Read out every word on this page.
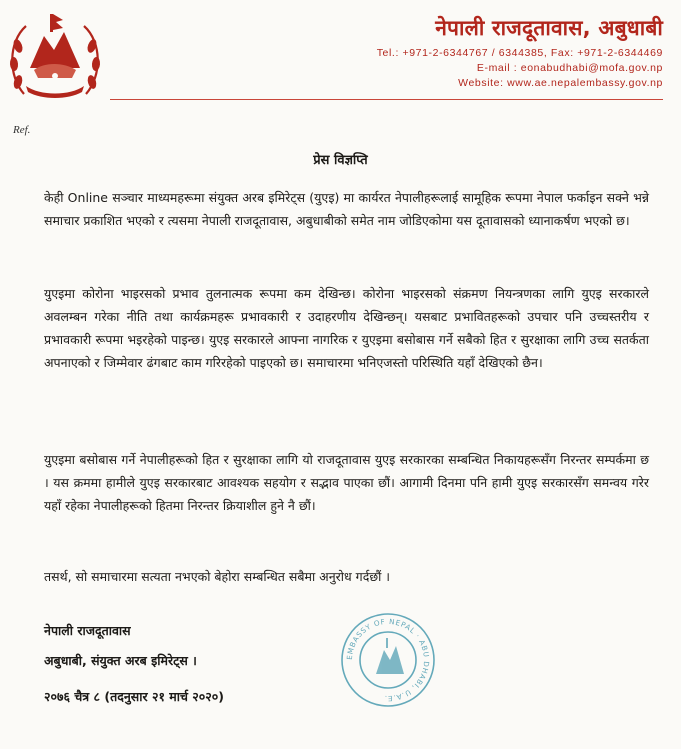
नेपाली राजदूतावास, अबुधाबी
Tel.: +971-2-6344767 / 6344385, Fax: +971-2-6344469
E-mail : eonabudhabi@mofa.gov.np
Website: www.ae.nepalembassy.gov.np
Ref.
प्रेस विज्ञप्ति
केही Online सञ्चार माध्यमहरूमा संयुक्त अरब इमिरेट्स (युएइ) मा कार्यरत नेपालीहरूलाई सामूहिक रूपमा नेपाल फर्काइन सक्ने भन्ने समाचार प्रकाशित भएको र त्यसमा नेपाली राजदूतावास, अबुधाबीको समेत नाम जोडिएकोमा यस दूतावासको ध्यानाकर्षण भएको छ।
युएइमा कोरोना भाइरसको प्रभाव तुलनात्मक रूपमा कम देखिन्छ। कोरोना भाइरसको संक्रमण नियन्त्रणका लागि युएइ सरकारले अवलम्बन गरेका नीति तथा कार्यक्रमहरू प्रभावकारी र उदाहरणीय देखिन्छन्। यसबाट प्रभावितहरूको उपचार पनि उच्चस्तरीय र प्रभावकारी रूपमा भइरहेको पाइन्छ। युएइ सरकारले आफ्ना नागरिक र युएइमा बसोबास गर्ने सबैको हित र सुरक्षाका लागि उच्च सतर्कता अपनाएको र जिम्मेवार ढंगबाट काम गरिरहेको पाइएको छ। समाचारमा भनिएजस्तो परिस्थिति यहाँ देखिएको छैन।
युएइमा बसोबास गर्ने नेपालीहरूको हित र सुरक्षाका लागि यो राजदूतावास युएइ सरकारका सम्बन्धित निकायहरूसँग निरन्तर सम्पर्कमा छ । यस क्रममा हामीले युएइ सरकारबाट आवश्यक सहयोग र सद्भाव पाएका छौं। आगामी दिनमा पनि हामी युएइ सरकारसँग समन्वय गरेर यहाँ रहेका नेपालीहरूको हितमा निरन्तर क्रियाशील हुने नै छौं।
तसर्थ, सो समाचारमा सत्यता नभएको बेहोरा सम्बन्धित सबैमा अनुरोध गर्दछौं ।
नेपाली राजदूतावास
अबुधाबी, संयुक्त अरब इमिरेट्स ।
२०७६ चैत्र ८ (तदनुसार २१ मार्च २०२०)
EMBASSY OF NEPAL · ABU DHABI, U.A.E.
